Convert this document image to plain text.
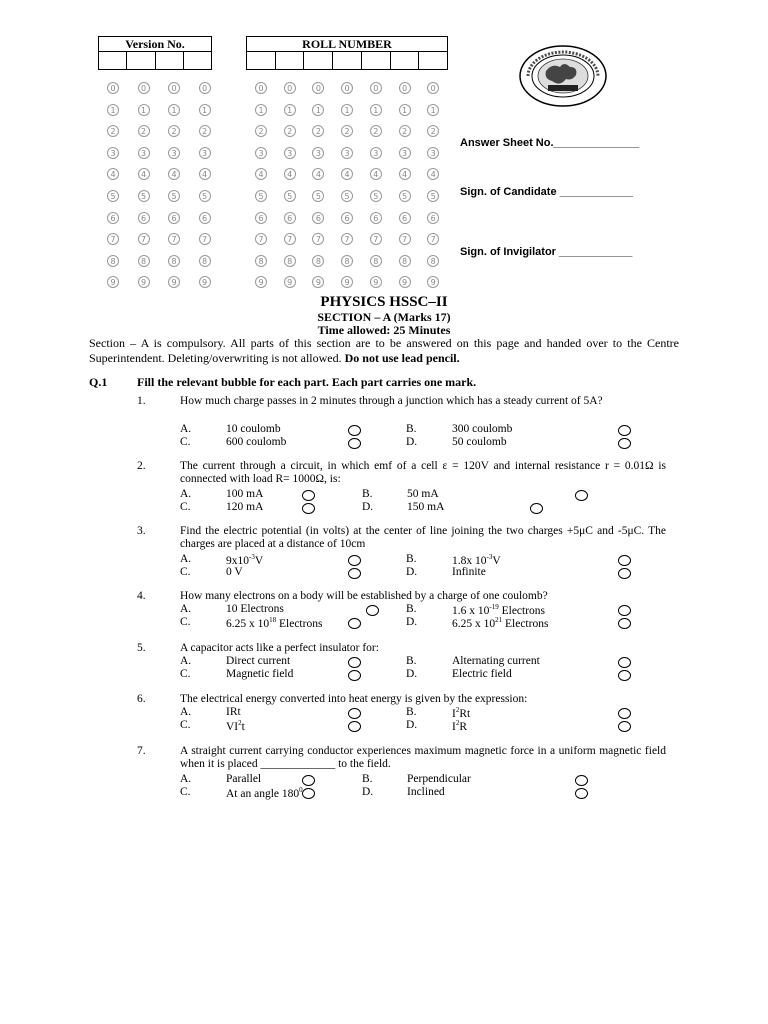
Version No.	ROLL NUMBER
0	0	0	0
1	1	1	1
2	2	2	2
3	3	3	3
4	4	4	4
5	5	5	5
6	6	6	6
7	7	7	7
8	8	8	8
9	9	9	9
0	0	0	0	0	0	0
1	1	1	1	1	1	1
2	2	2	2	2	2	2
3	3	3	3	3	3	3
4	4	4	4	4	4	4
5	5	5	5	5	5	5
6	6	6	6	6	6	6
7	7	7	7	7	7	7
8	8	8	8	8	8	8
9	9	9	9	9	9	9
Answer Sheet No.______________
Sign. of Candidate ____________
Sign. of Invigilator ____________
PHYSICS HSSC–II
SECTION – A (Marks 17)
Time allowed: 25 Minutes
Section – A is compulsory. All parts of this section are to be answered on this page and handed over to the Centre Superintendent. Deleting/overwriting is not allowed. Do not use lead pencil.
Q.1 Fill the relevant bubble for each part. Each part carries one mark.
1.	How much charge passes in 2 minutes through a junction which has a steady current of 5A?
A.	10 coulomb	B.	300 coulomb
C.	600 coulomb	D.	50 coulomb
2.	The current through a circuit, in which emf of a cell ε = 120V and internal resistance r = 0.01Ω is connected with load R= 1000Ω, is:
A.	100 mA	B.	50 mA
C.	120 mA	D.	150 mA
3.	Find the electric potential (in volts) at the center of line joining the two charges +5μC and -5μC. The charges are placed at a distance of 10cm
A.	$9x10^{-3}V$	B.	1.8x $10^{-3}V$
C.	0 V	D.	Infinite
4.	How many electrons on a body will be established by a charge of one coulomb?
A.	10 Electrons	B.	1.6 x $10^{-19}$ Electrons
C.	6.25 x $10^{18}$ Electrons	D.	6.25 x $10^{21}$ Electrons
5.	A capacitor acts like a perfect insulator for:
A.	Direct current	B.	Alternating current
C.	Magnetic field	D.	Electric field
6.	The electrical energy converted into heat energy is given by the expression:
A.	IRt	B.	$I^2Rt$
C.	$VI^2t$	D.	$I^2R$
7.	A straight current carrying conductor experiences maximum magnetic force in a uniform magnetic field when it is placed _____________ to the field.
A.	Parallel	B.	Perpendicular
C.	At an angle $180^0$	D.	Inclined
